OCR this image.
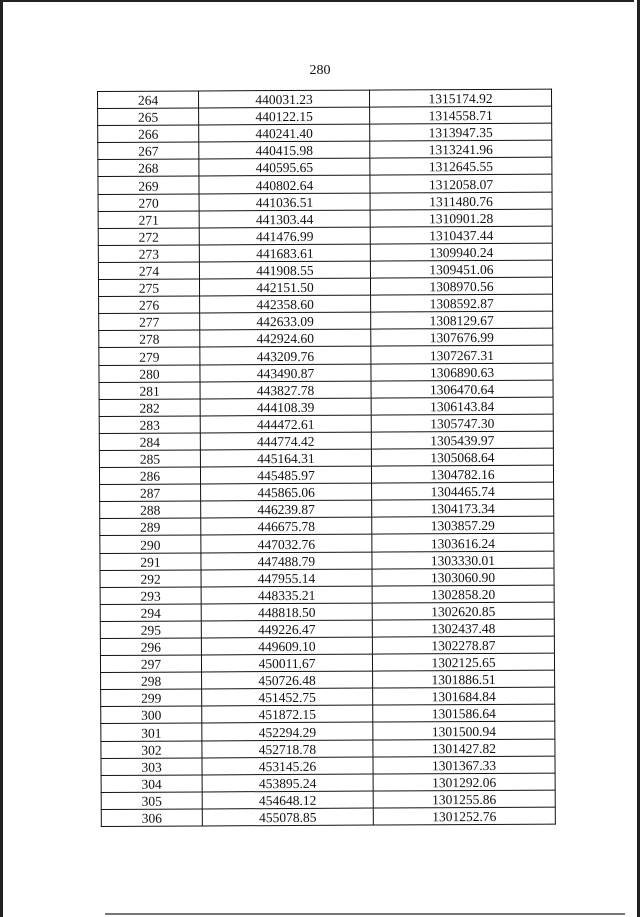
280
264	440031.23	1315174.92
265	440122.15	1314558.71
266	440241.40	1313947.35
267	440415.98	1313241.96
268	440595.65	1312645.55
269	440802.64	1312058.07
270	441036.51	1311480.76
271	441303.44	1310901.28
272	441476.99	1310437.44
273	441683.61	1309940.24
274	441908.55	1309451.06
275	442151.50	1308970.56
276	442358.60	1308592.87
277	442633.09	1308129.67
278	442924.60	1307676.99
279	443209.76	1307267.31
280	443490.87	1306890.63
281	443827.78	1306470.64
282	444108.39	1306143.84
283	444472.61	1305747.30
284	444774.42	1305439.97
285	445164.31	1305068.64
286	445485.97	1304782.16
287	445865.06	1304465.74
288	446239.87	1304173.34
289	446675.78	1303857.29
290	447032.76	1303616.24
291	447488.79	1303330.01
292	447955.14	1303060.90
293	448335.21	1302858.20
294	448818.50	1302620.85
295	449226.47	1302437.48
296	449609.10	1302278.87
297	450011.67	1302125.65
298	450726.48	1301886.51
299	451452.75	1301684.84
300	451872.15	1301586.64
301	452294.29	1301500.94
302	452718.78	1301427.82
303	453145.26	1301367.33
304	453895.24	1301292.06
305	454648.12	1301255.86
306	455078.85	1301252.76
